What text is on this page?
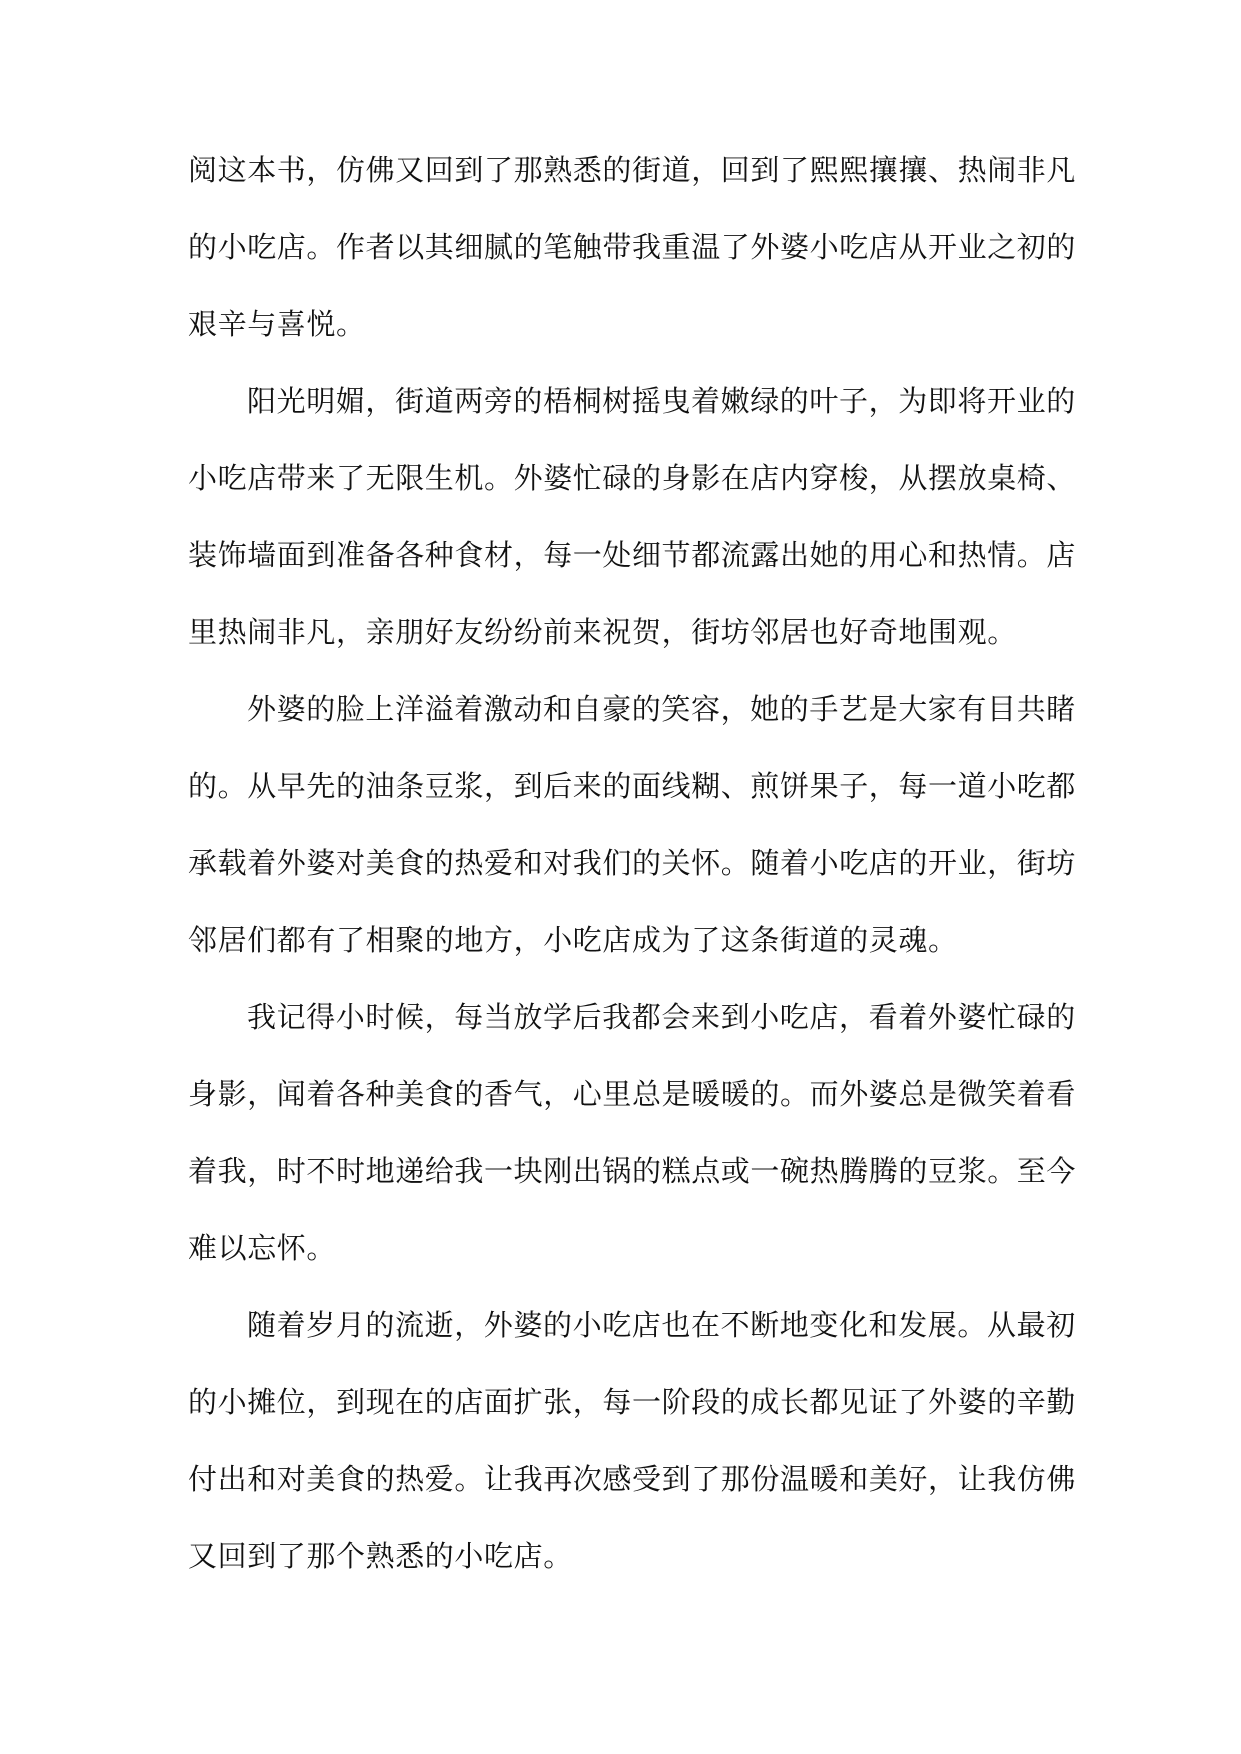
阅这本书，仿佛又回到了那熟悉的街道，回到了熙熙攘攘、热闹非凡
的小吃店。作者以其细腻的笔触带我重温了外婆小吃店从开业之初的
艰辛与喜悦。
阳光明媚，街道两旁的梧桐树摇曳着嫩绿的叶子，为即将开业的
小吃店带来了无限生机。外婆忙碌的身影在店内穿梭，从摆放桌椅、
装饰墙面到准备各种食材，每一处细节都流露出她的用心和热情。店
里热闹非凡，亲朋好友纷纷前来祝贺，街坊邻居也好奇地围观。
外婆的脸上洋溢着激动和自豪的笑容，她的手艺是大家有目共睹
的。从早先的油条豆浆，到后来的面线糊、煎饼果子，每一道小吃都
承载着外婆对美食的热爱和对我们的关怀。随着小吃店的开业，街坊
邻居们都有了相聚的地方，小吃店成为了这条街道的灵魂。
我记得小时候，每当放学后我都会来到小吃店，看着外婆忙碌的
身影，闻着各种美食的香气，心里总是暖暖的。而外婆总是微笑着看
着我，时不时地递给我一块刚出锅的糕点或一碗热腾腾的豆浆。至今
难以忘怀。
随着岁月的流逝，外婆的小吃店也在不断地变化和发展。从最初
的小摊位，到现在的店面扩张，每一阶段的成长都见证了外婆的辛勤
付出和对美食的热爱。让我再次感受到了那份温暖和美好，让我仿佛
又回到了那个熟悉的小吃店。
